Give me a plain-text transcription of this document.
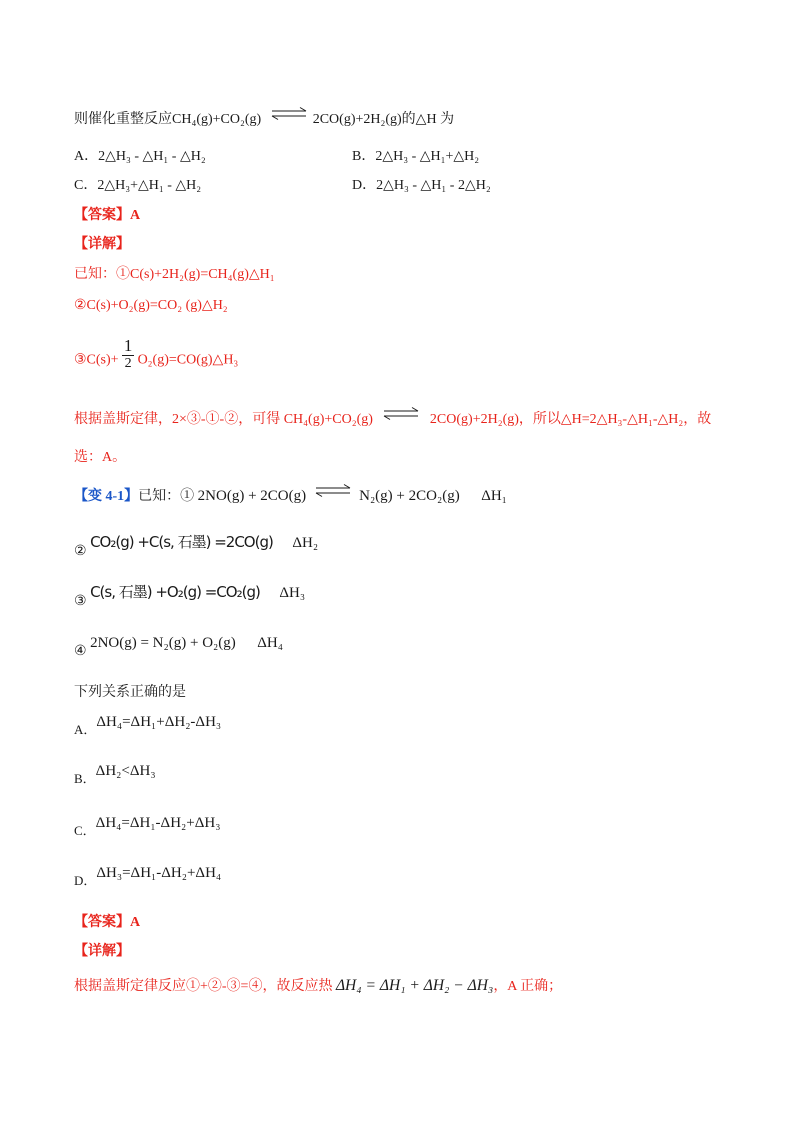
则催化重整反应CH₄(g)+CO₂(g) ⇌ 2CO(g)+2H₂(g)的△H 为
A．2△H₃ - △H₁ - △H₂	B．2△H₃ - △H₁+△H₂
C．2△H₃+△H₁ - △H₂	D．2△H₃ - △H₁ - 2△H₂
【答案】A
【详解】
已知：①C(s)+2H₂(g)=CH₄(g)△H₁
②C(s)+O₂(g)=CO₂ (g)△H₂
③C(s)+ $\frac{1}{2}$ O₂(g)=CO(g)△H₃
根据盖斯定律，2×③-①-②，可得 CH₄(g)+CO₂(g) ⇌ 2CO(g)+2H₂(g)，所以△H=2△H₃-△H₁-△H₂，故
选：A。
【变 4-1】已知：① 2NO(g) + 2CO(g) ⇌ N₂(g) + 2CO₂(g) ΔH₁
② CO₂(g) +C(s, 石墨) =2CO(g) ΔH₂
③ C(s, 石墨) +O₂(g) =CO₂(g) ΔH₃
④ 2NO(g) = N₂(g) + O₂(g) ΔH₄
下列关系正确的是
A．ΔH₄=ΔH₁+ΔH₂-ΔH₃
B．ΔH₂<ΔH₃
C．ΔH₄=ΔH₁-ΔH₂+ΔH₃
D．ΔH₃=ΔH₁-ΔH₂+ΔH₄
【答案】A
【详解】
根据盖斯定律反应①+②-③=④，故反应热 ΔH₄ = ΔH₁ + ΔH₂ − ΔH₃，A 正确；
